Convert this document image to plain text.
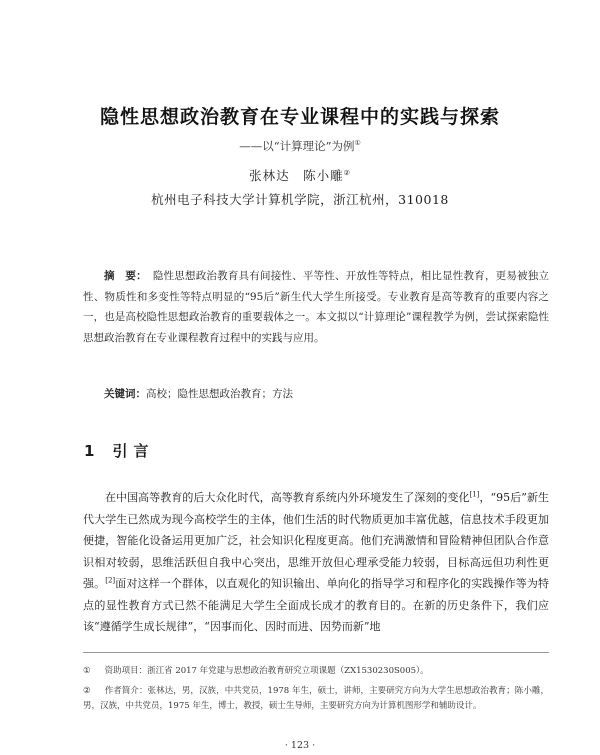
隐性思想政治教育在专业课程中的实践与探索
——以“计算理论”为例①
张林达　陈小雕②
杭州电子科技大学计算机学院，浙江杭州，310018
摘　要： 隐性思想政治教育具有间接性、平等性、开放性等特点，相比显性教育，更易被独立性、物质性和多变性等特点明显的“95后”新生代大学生所接受。专业教育是高等教育的重要内容之一，也是高校隐性思想政治教育的重要载体之一。本文拟以“计算理论”课程教学为例，尝试探索隐性思想政治教育在专业课程教育过程中的实践与应用。
关键词：高校；隐性思想政治教育；方法
1 引言
在中国高等教育的后大众化时代，高等教育系统内外环境发生了深刻的变化[1]，“95后”新生代大学生已然成为现今高校学生的主体，他们生活的时代物质更加丰富优越，信息技术手段更加便捷，智能化设备运用更加广泛，社会知识化程度更高。他们充满激情和冒险精神但团队合作意识相对较弱，思维活跃但自我中心突出，思维开放但心理承受能力较弱，目标高远但功利性更强。[2]面对这样一个群体，以直观化的知识输出、单向化的指导学习和程序化的实践操作等为特点的显性教育方式已然不能满足大学生全面成长成才的教育目的。在新的历史条件下，我们应该“遵循学生成长规律”，“因事而化、因时而进、因势而新”地
① 资助项目：浙江省 2017 年党建与思想政治教育研究立项课题（ZX1530230S005）。
② 作者简介：张林达，男，汉族，中共党员，1978 年生，硕士，讲师，主要研究方向为大学生思想政治教育；陈小雕，男，汉族，中共党员，1975 年生，博士，教授，硕士生导师，主要研究方向为计算机图形学和辅助设计。
· 123 ·
